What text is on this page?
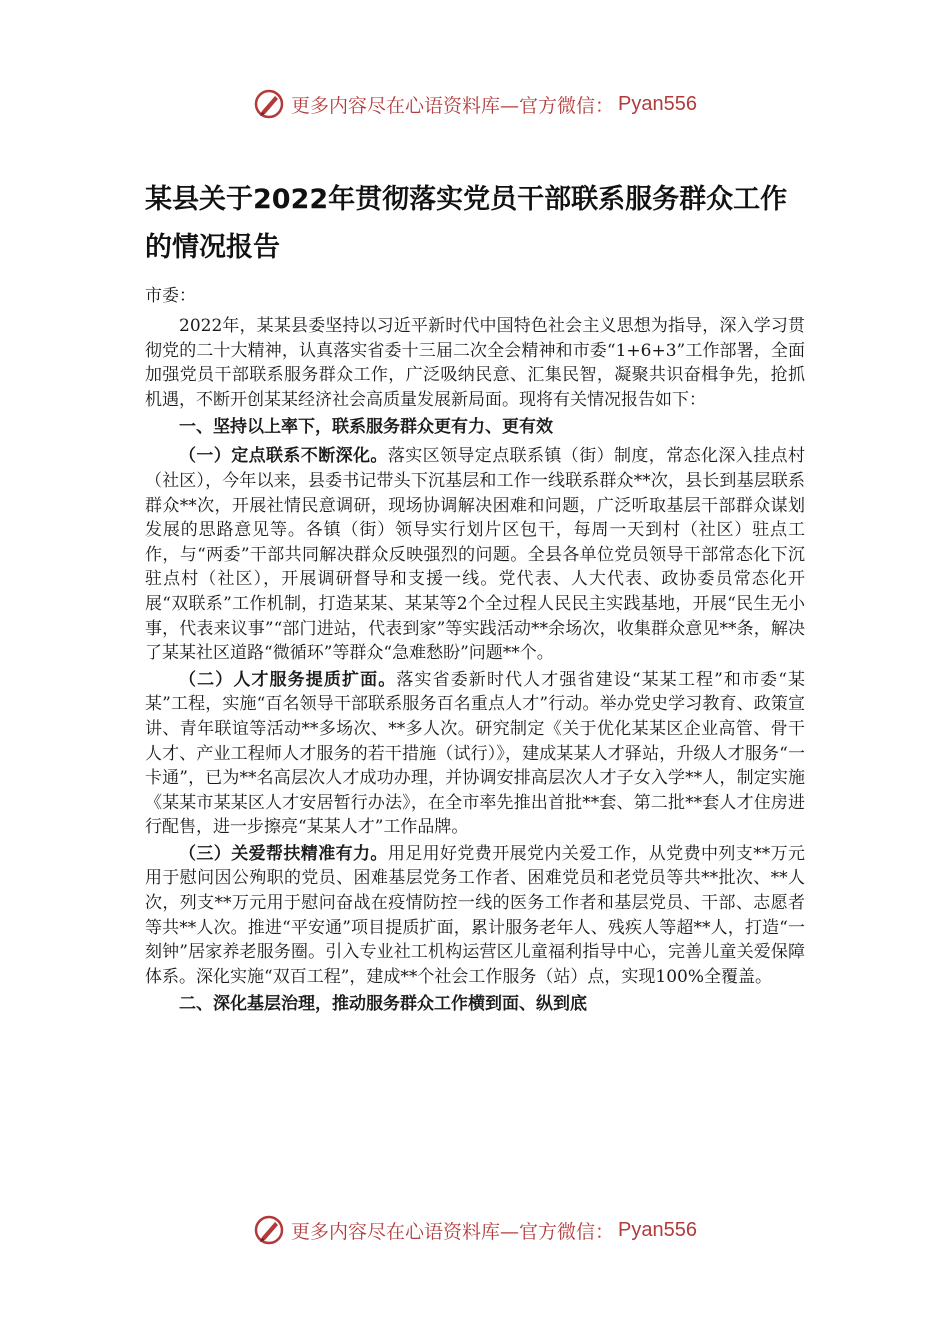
更多内容尽在心语资料库—官方微信： Pyan556
某县关于2022年贯彻落实党员干部联系服务群众工作的情况报告
市委：

2022年，某某县委坚持以习近平新时代中国特色社会主义思想为指导，深入学习贯彻党的二十大精神，认真落实省委十三届二次全会精神和市委“1+6+3”工作部署，全面加强党员干部联系服务群众工作，广泛吸纳民意、汇集民智，凝聚共识奋楫争先，抢抓机遇，不断开创某某经济社会高质量发展新局面。现将有关情况报告如下：

一、坚持以上率下，联系服务群众更有力、更有效

（一）定点联系不断深化。落实区领导定点联系镇（街）制度，常态化深入挂点村（社区），今年以来，县委书记带头下沉基层和工作一线联系群众**次，县长到基层联系群众**次，开展社情民意调研，现场协调解决困难和问题，广泛听取基层干部群众谋划发展的思路意见等。各镇（街）领导实行划片区包干，每周一天到村（社区）驻点工作，与“两委”干部共同解决群众反映强烈的问题。全县各单位党员领导干部常态化下沉驻点村（社区），开展调研督导和支援一线。党代表、人大代表、政协委员常态化开展“双联系”工作机制，打造某某、某某等2个全过程人民民主实践基地，开展“民生无小事，代表来议事”“部门进站，代表到家”等实践活动**余场次，收集群众意见**条，解决了某某社区道路“微循环”等群众“急难愁盼”问题**个。

（二）人才服务提质扩面。落实省委新时代人才强省建设“某某工程”和市委“某某”工程，实施“百名领导干部联系服务百名重点人才”行动。举办党史学习教育、政策宣讲、青年联谊等活动**多场次、**多人次。研究制定《关于优化某某区企业高管、骨干人才、产业工程师人才服务的若干措施（试行）》，建成某某人才驿站，升级人才服务“一卡通”，已为**名高层次人才成功办理，并协调安排高层次人才子女入学**人，制定实施《某某市某某区人才安居暂行办法》，在全市率先推出首批**套、第二批**套人才住房进行配售，进一步擦亮“某某人才”工作品牌。

（三）关爱帮扶精准有力。用足用好党费开展党内关爱工作，从党费中列支**万元用于慰问因公殉职的党员、困难基层党务工作者、困难党员和老党员等共**批次、**人次，列支**万元用于慰问奋战在疫情防控一线的医务工作者和基层党员、干部、志愿者等共**人次。推进“平安通”项目提质扩面，累计服务老年人、残疾人等超**人，打造“一刻钟”居家养老服务圈。引入专业社工机构运营区儿童福利指导中心，完善儿童关爱保障体系。深化实施“双百工程”，建成**个社会工作服务（站）点，实现100%全覆盖。

二、深化基层治理，推动服务群众工作横到面、纵到底
更多内容尽在心语资料库—官方微信： Pyan556
